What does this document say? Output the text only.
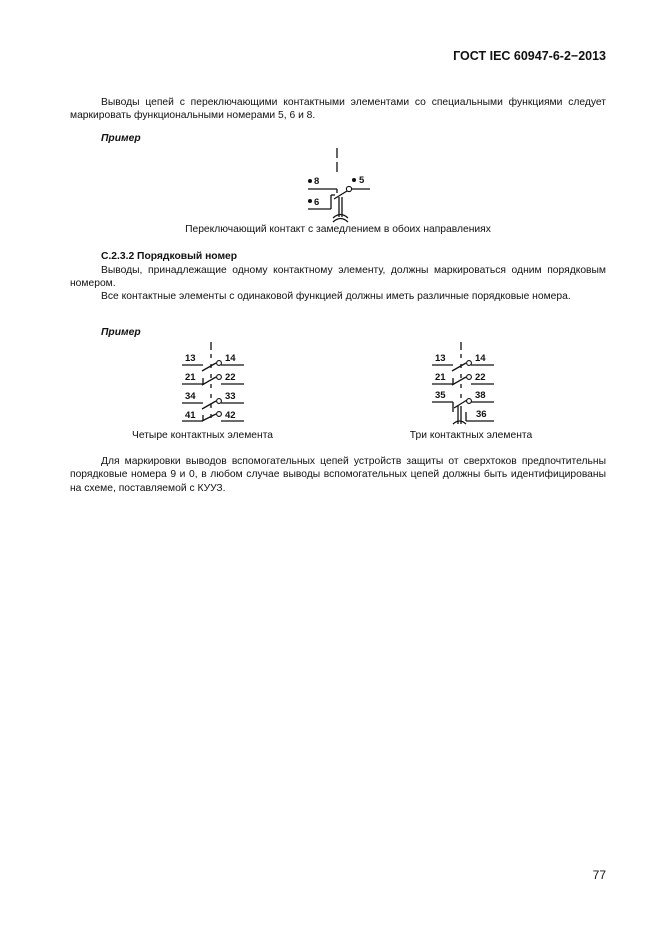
ГОСТ IEC 60947-6-2−2013
Выводы цепей с переключающими контактными элементами со специальными функциями следует маркировать функциональными номерами 5, 6 и 8.
Пример
8	5
6
Переключающий контакт с замедлением в обоих направлениях
С.2.3.2 Порядковый номер
Выводы, принадлежащие одному контактному элементу, должны маркироваться одним порядковым номером.
Все контактные элементы с одинаковой функцией должны иметь различные порядковые номера.
Пример
13	14
21	22
34	33
41	42
13	14
21	22
35	38
36
Четыре контактных элемента	Три контактных элемента
Для маркировки выводов вспомогательных цепей устройств защиты от сверхтоков предпочтительны порядковые номера 9 и 0, в любом случае выводы вспомогательных цепей должны быть идентифицированы на схеме, поставляемой с КУУЗ.
77
